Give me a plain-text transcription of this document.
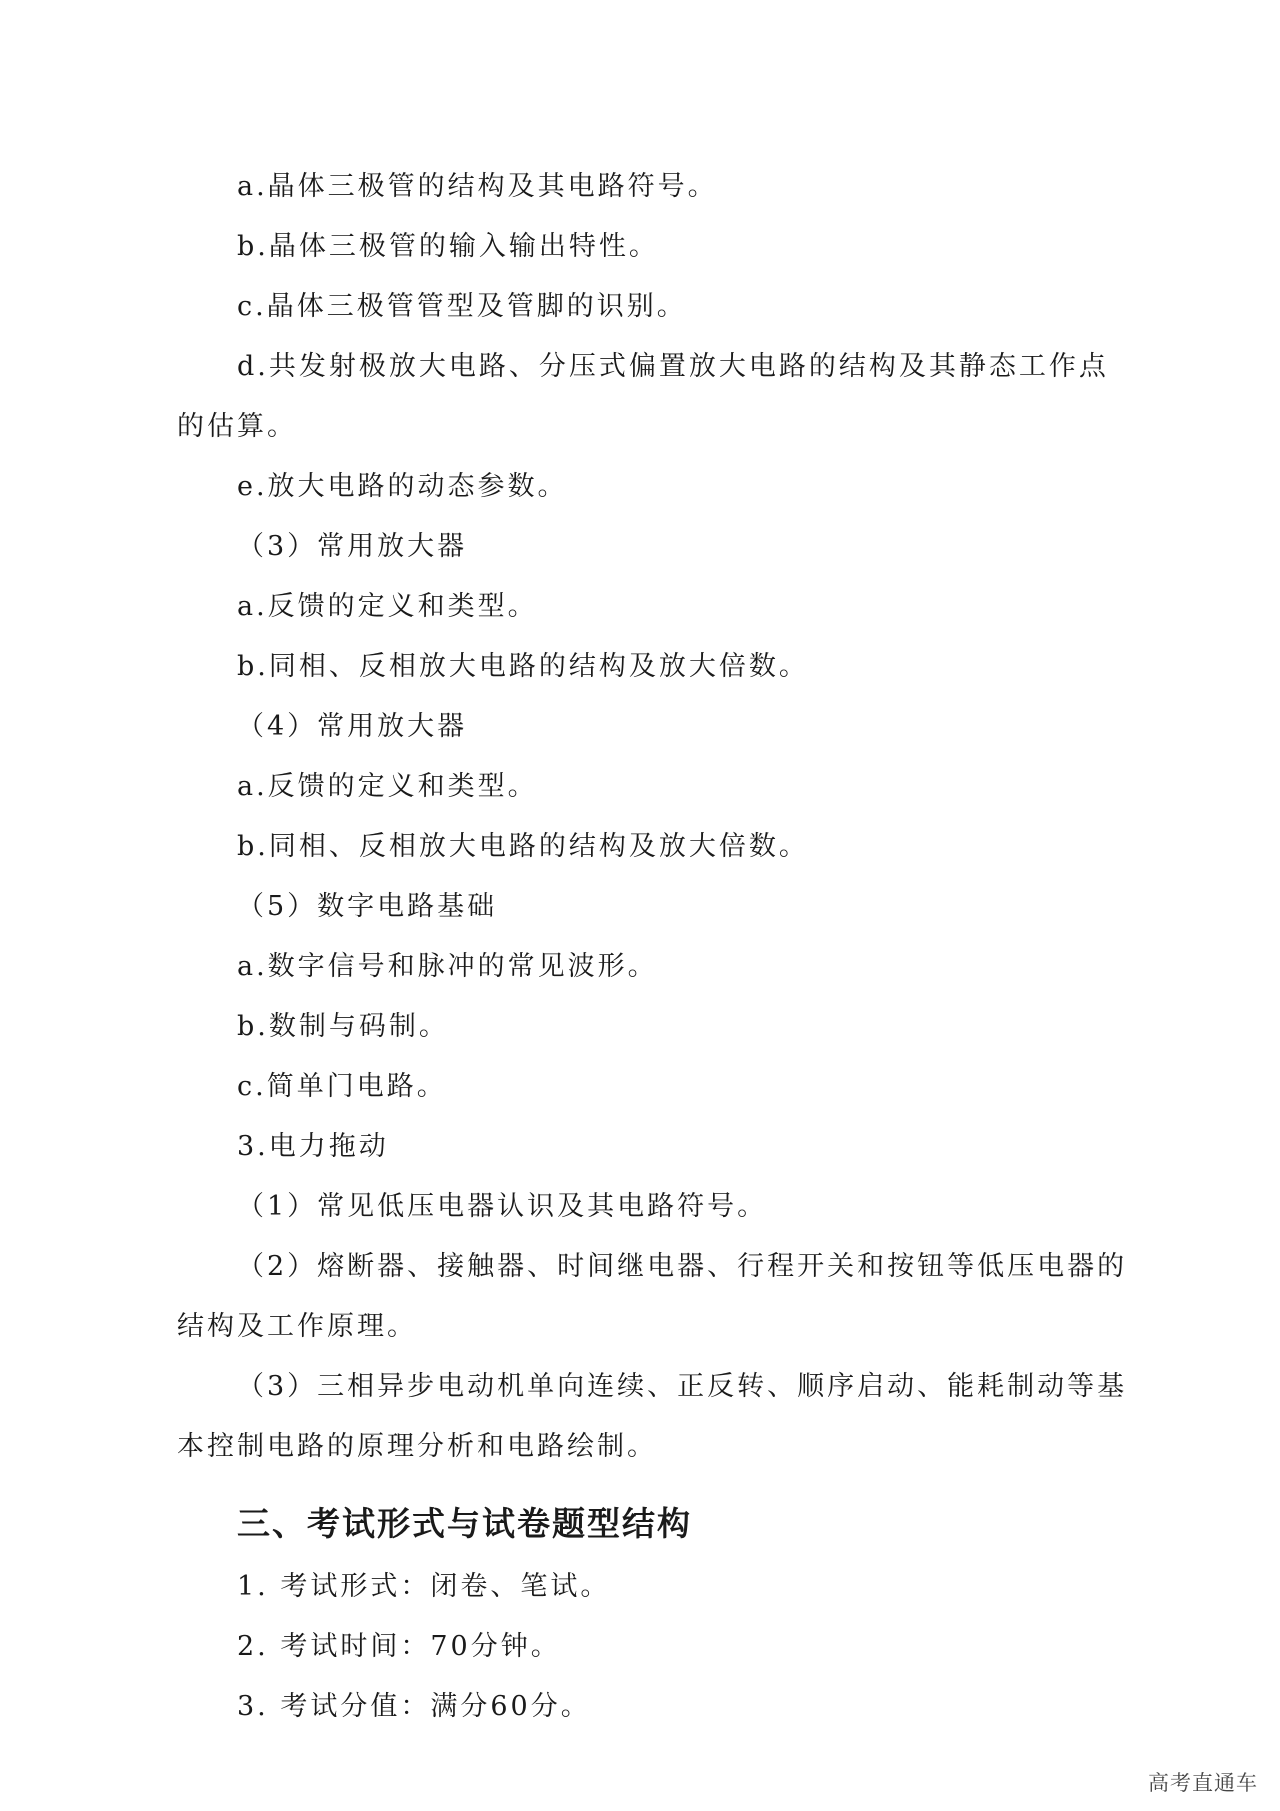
a.晶体三极管的结构及其电路符号。

b.晶体三极管的输入输出特性。

c.晶体三极管管型及管脚的识别。

d.共发射极放大电路、分压式偏置放大电路的结构及其静态工作点

的估算。

e.放大电路的动态参数。

（3）常用放大器

a.反馈的定义和类型。

b.同相、反相放大电路的结构及放大倍数。

（4）常用放大器

a.反馈的定义和类型。

b.同相、反相放大电路的结构及放大倍数。

（5）数字电路基础

a.数字信号和脉冲的常见波形。

b.数制与码制。

c.简单门电路。

3.电力拖动

（1）常见低压电器认识及其电路符号。

（2）熔断器、接触器、时间继电器、行程开关和按钮等低压电器的

结构及工作原理。

（3）三相异步电动机单向连续、正反转、顺序启动、能耗制动等基

本控制电路的原理分析和电路绘制。

三、考试形式与试卷题型结构

1. 考试形式：闭卷、笔试。

2. 考试时间：70分钟。

3. 考试分值：满分60分。

高考直通车
